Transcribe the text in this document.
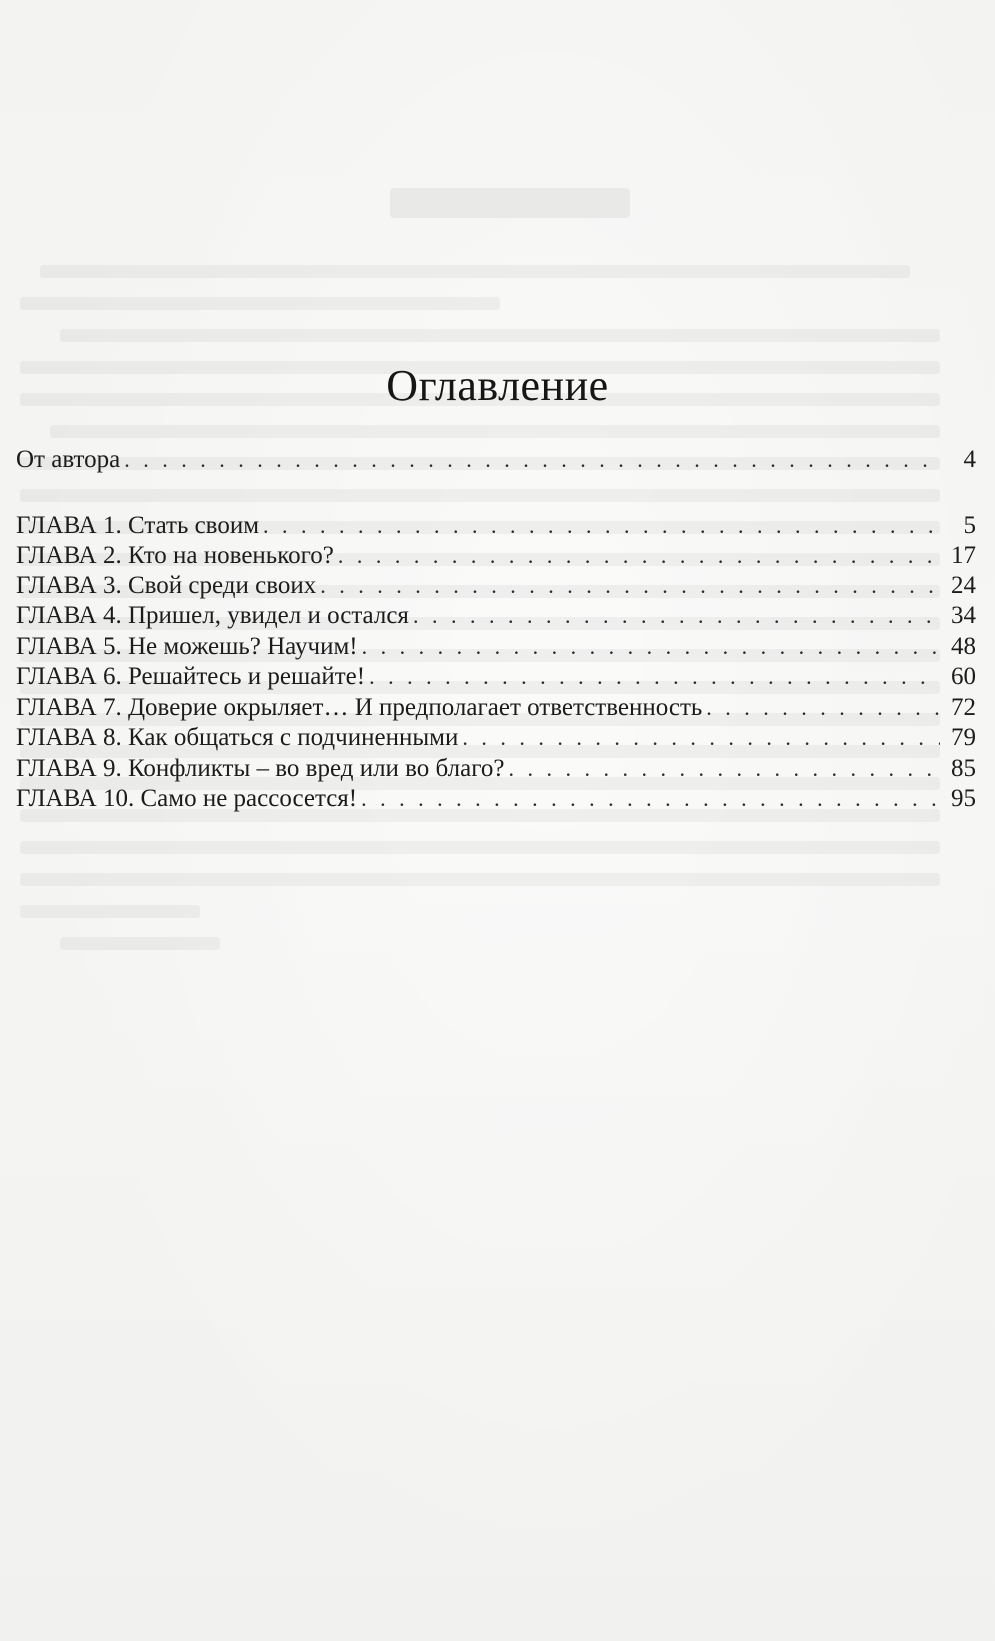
Оглавление
От автора . . .	4
ГЛАВА 1. Стать своим . . .	5
ГЛАВА 2. Кто на новенького? . . .	17
ГЛАВА 3. Свой среди своих . . .	24
ГЛАВА 4. Пришел, увидел и остался . . .	34
ГЛАВА 5. Не можешь? Научим! . . .	48
ГЛАВА 6. Решайтесь и решайте! . . .	60
ГЛАВА 7. Доверие окрыляет… И предполагает ответственность . . .	72
ГЛАВА 8. Как общаться с подчиненными . . .	79
ГЛАВА 9. Конфликты – во вред или во благо? . . .	85
ГЛАВА 10. Само не рассосется! . . .	95
